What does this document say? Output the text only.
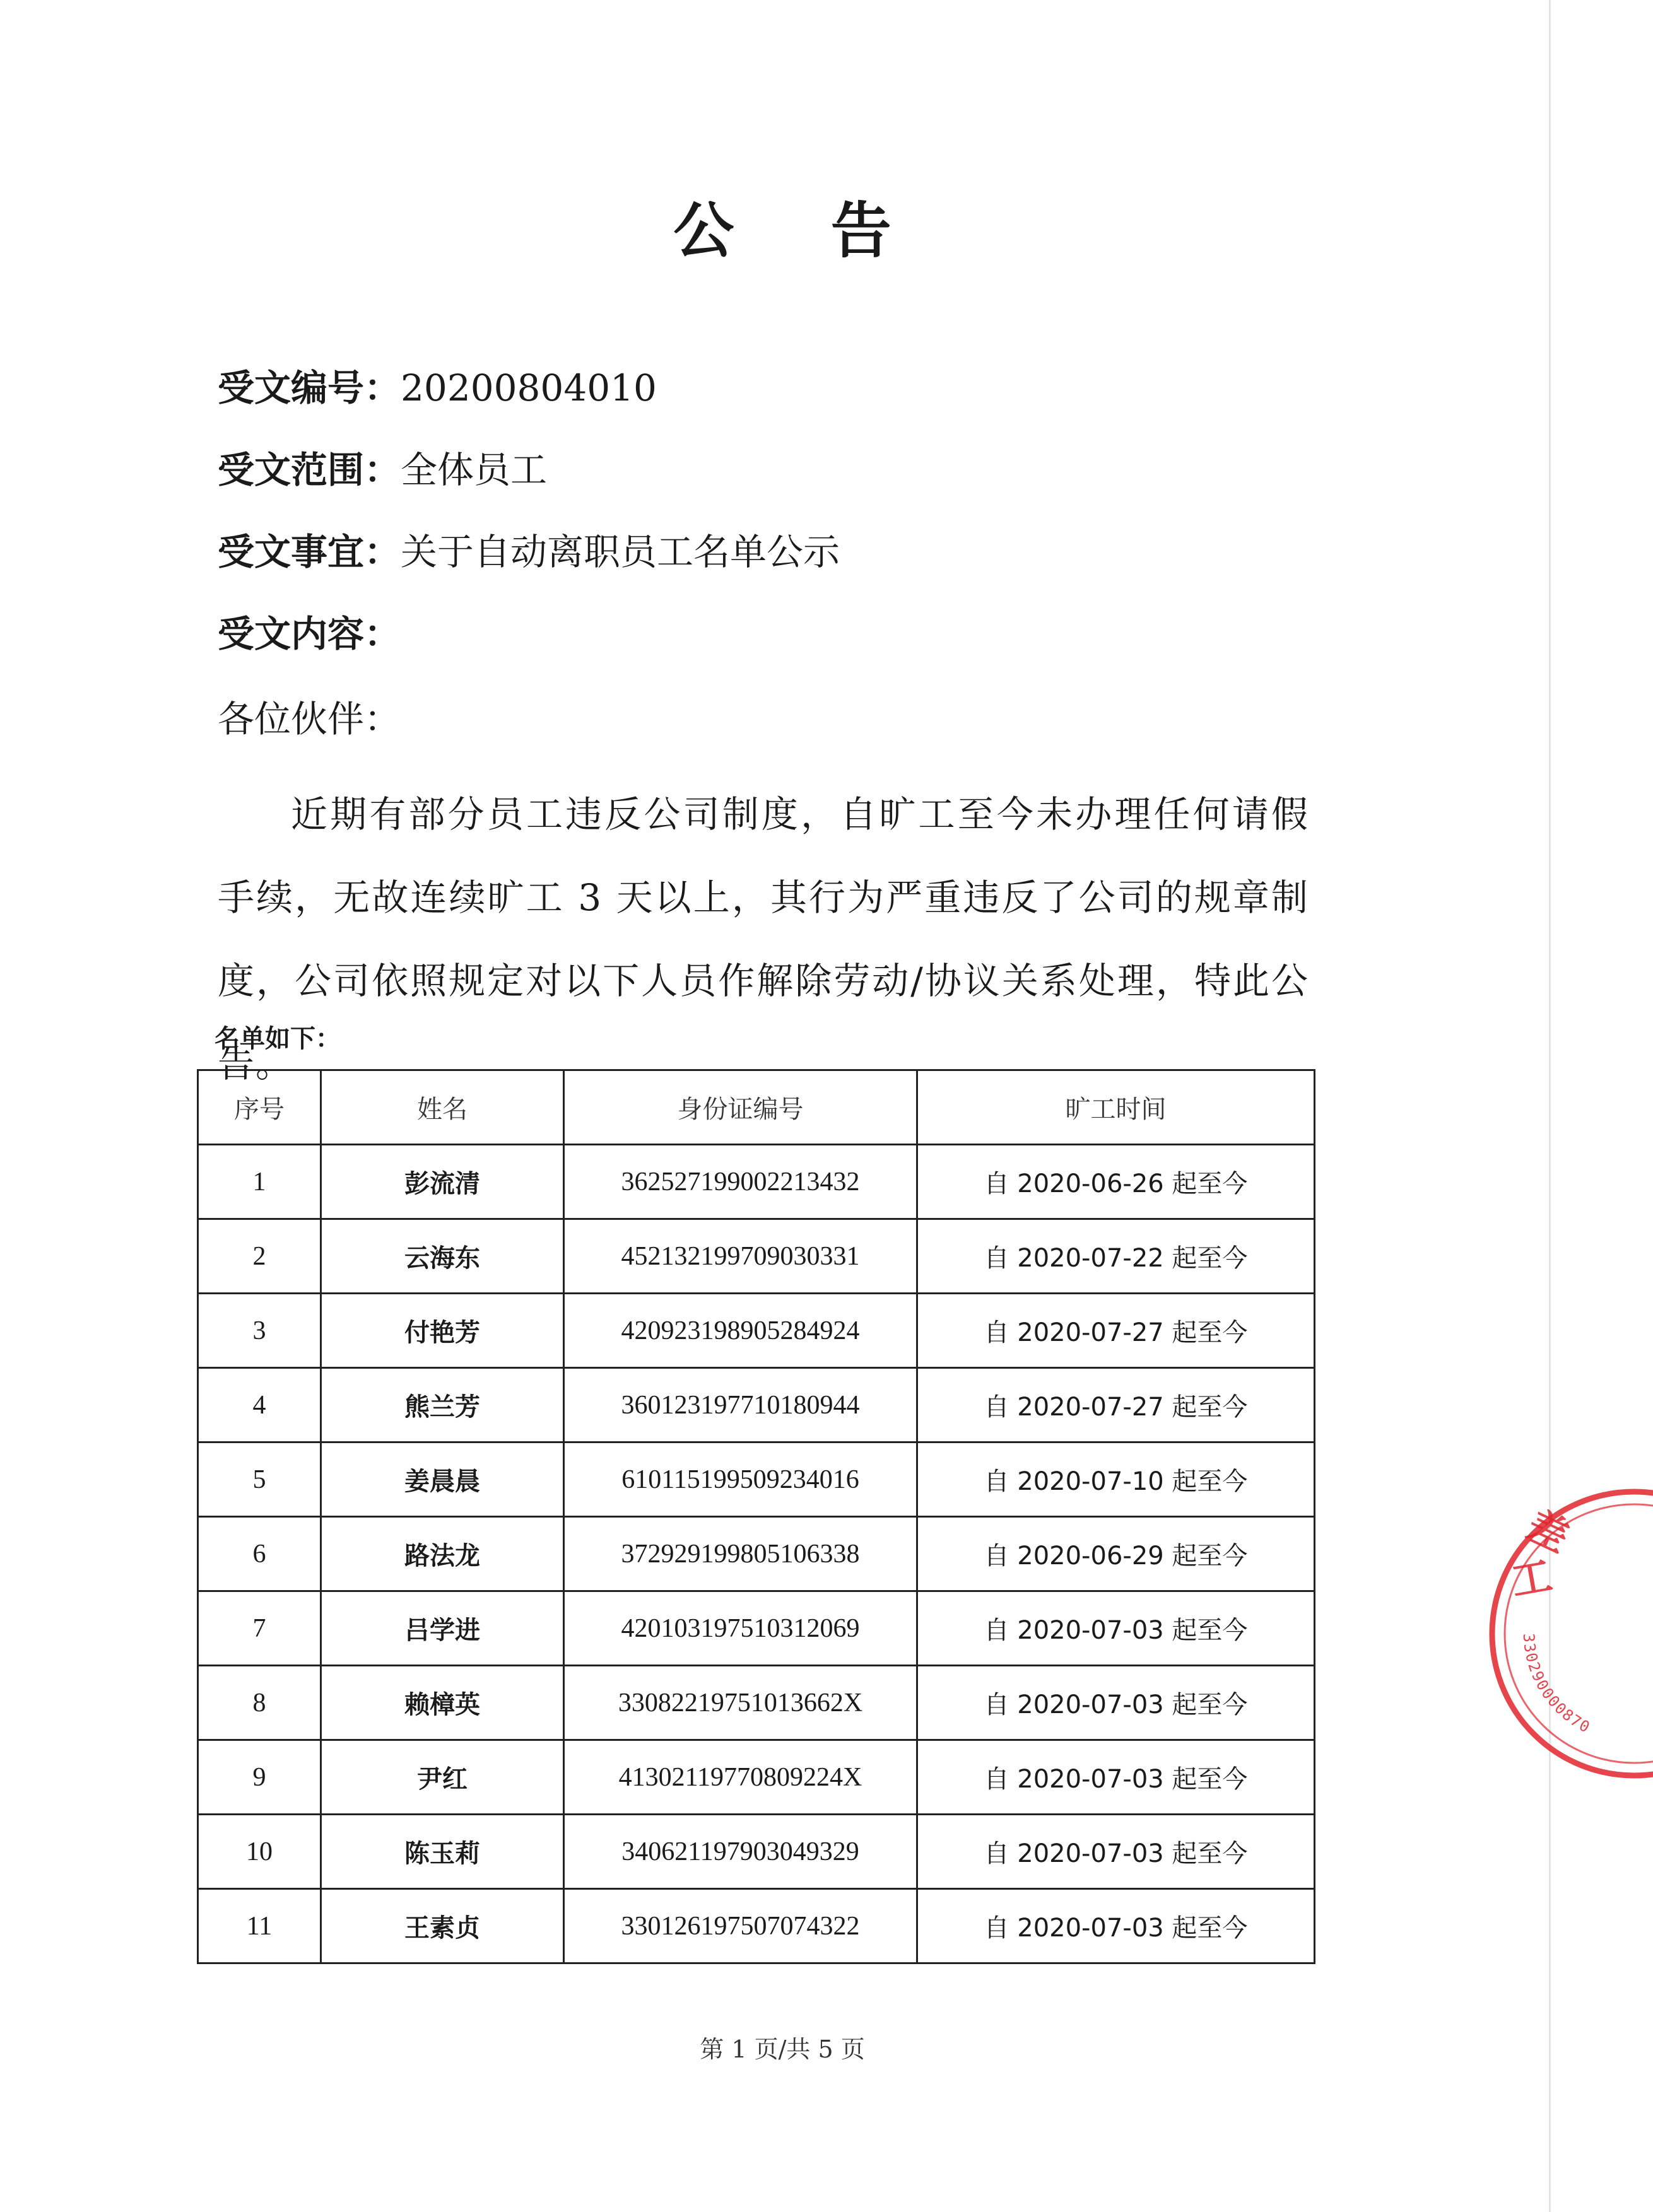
公 告
受文编号：20200804010
受文范围：全体员工
受文事宜：关于自动离职员工名单公示
受文内容：
各位伙伴：
近期有部分员工违反公司制度，自旷工至今未办理任何请假手续，无故连续旷工 3 天以上，其行为严重违反了公司的规章制度，公司依照规定对以下人员作解除劳动/协议关系处理，特此公告。
名单如下：
序号	姓名	身份证编号	旷工时间
1	彭流清	362527199002213432	自 2020-06-26 起至今
2	云海东	452132199709030331	自 2020-07-22 起至今
3	付艳芳	420923198905284924	自 2020-07-27 起至今
4	熊兰芳	360123197710180944	自 2020-07-27 起至今
5	姜晨晨	610115199509234016	自 2020-07-10 起至今
6	路法龙	372929199805106338	自 2020-06-29 起至今
7	吕学进	420103197510312069	自 2020-07-03 起至今
8	赖樟英	33082219751013662X	自 2020-07-03 起至今
9	尹红	41302119770809224X	自 2020-07-03 起至今
10	陈玉莉	340621197903049329	自 2020-07-03 起至今
11	王素贞	330126197507074322	自 2020-07-03 起至今
第 1 页/共 5 页
差
工
3302900008708
